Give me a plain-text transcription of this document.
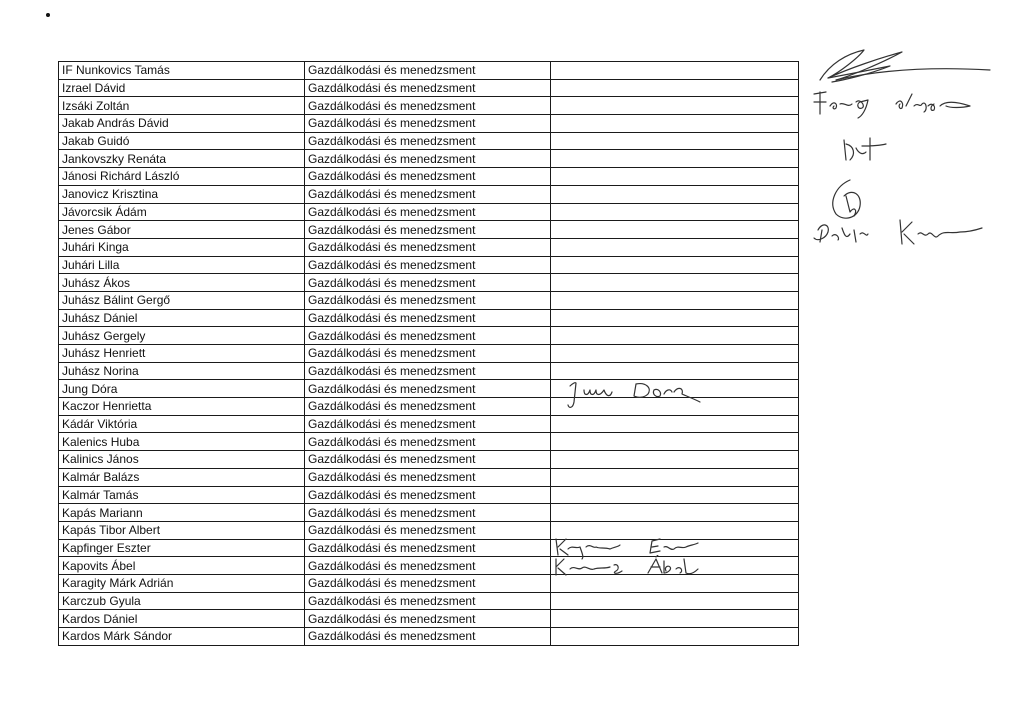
IF Nunkovics Tamás	Gazdálkodási és menedzsment	
Izrael Dávid	Gazdálkodási és menedzsment	
Izsáki Zoltán	Gazdálkodási és menedzsment	
Jakab András Dávid	Gazdálkodási és menedzsment	
Jakab Guidó	Gazdálkodási és menedzsment	
Jankovszky Renáta	Gazdálkodási és menedzsment	
Jánosi Richárd László	Gazdálkodási és menedzsment	
Janovicz Krisztina	Gazdálkodási és menedzsment	
Jávorcsik Ádám	Gazdálkodási és menedzsment	
Jenes Gábor	Gazdálkodási és menedzsment	
Juhári Kinga	Gazdálkodási és menedzsment	
Juhári Lilla	Gazdálkodási és menedzsment	
Juhász Ákos	Gazdálkodási és menedzsment	
Juhász Bálint Gergő	Gazdálkodási és menedzsment	
Juhász Dániel	Gazdálkodási és menedzsment	
Juhász Gergely	Gazdálkodási és menedzsment	
Juhász Henriett	Gazdálkodási és menedzsment	
Juhász Norina	Gazdálkodási és menedzsment	
Jung Dóra	Gazdálkodási és menedzsment	
Kaczor Henrietta	Gazdálkodási és menedzsment	
Kádár Viktória	Gazdálkodási és menedzsment	
Kalenics Huba	Gazdálkodási és menedzsment	
Kalinics János	Gazdálkodási és menedzsment	
Kalmár Balázs	Gazdálkodási és menedzsment	
Kalmár Tamás	Gazdálkodási és menedzsment	
Kapás Mariann	Gazdálkodási és menedzsment	
Kapás Tibor Albert	Gazdálkodási és menedzsment	
Kapfinger Eszter	Gazdálkodási és menedzsment	
Kapovits Ábel	Gazdálkodási és menedzsment	
Karagity Márk Adrián	Gazdálkodási és menedzsment	
Karczub Gyula	Gazdálkodási és menedzsment	
Kardos Dániel	Gazdálkodási és menedzsment	
Kardos Márk Sándor	Gazdálkodási és menedzsment	
